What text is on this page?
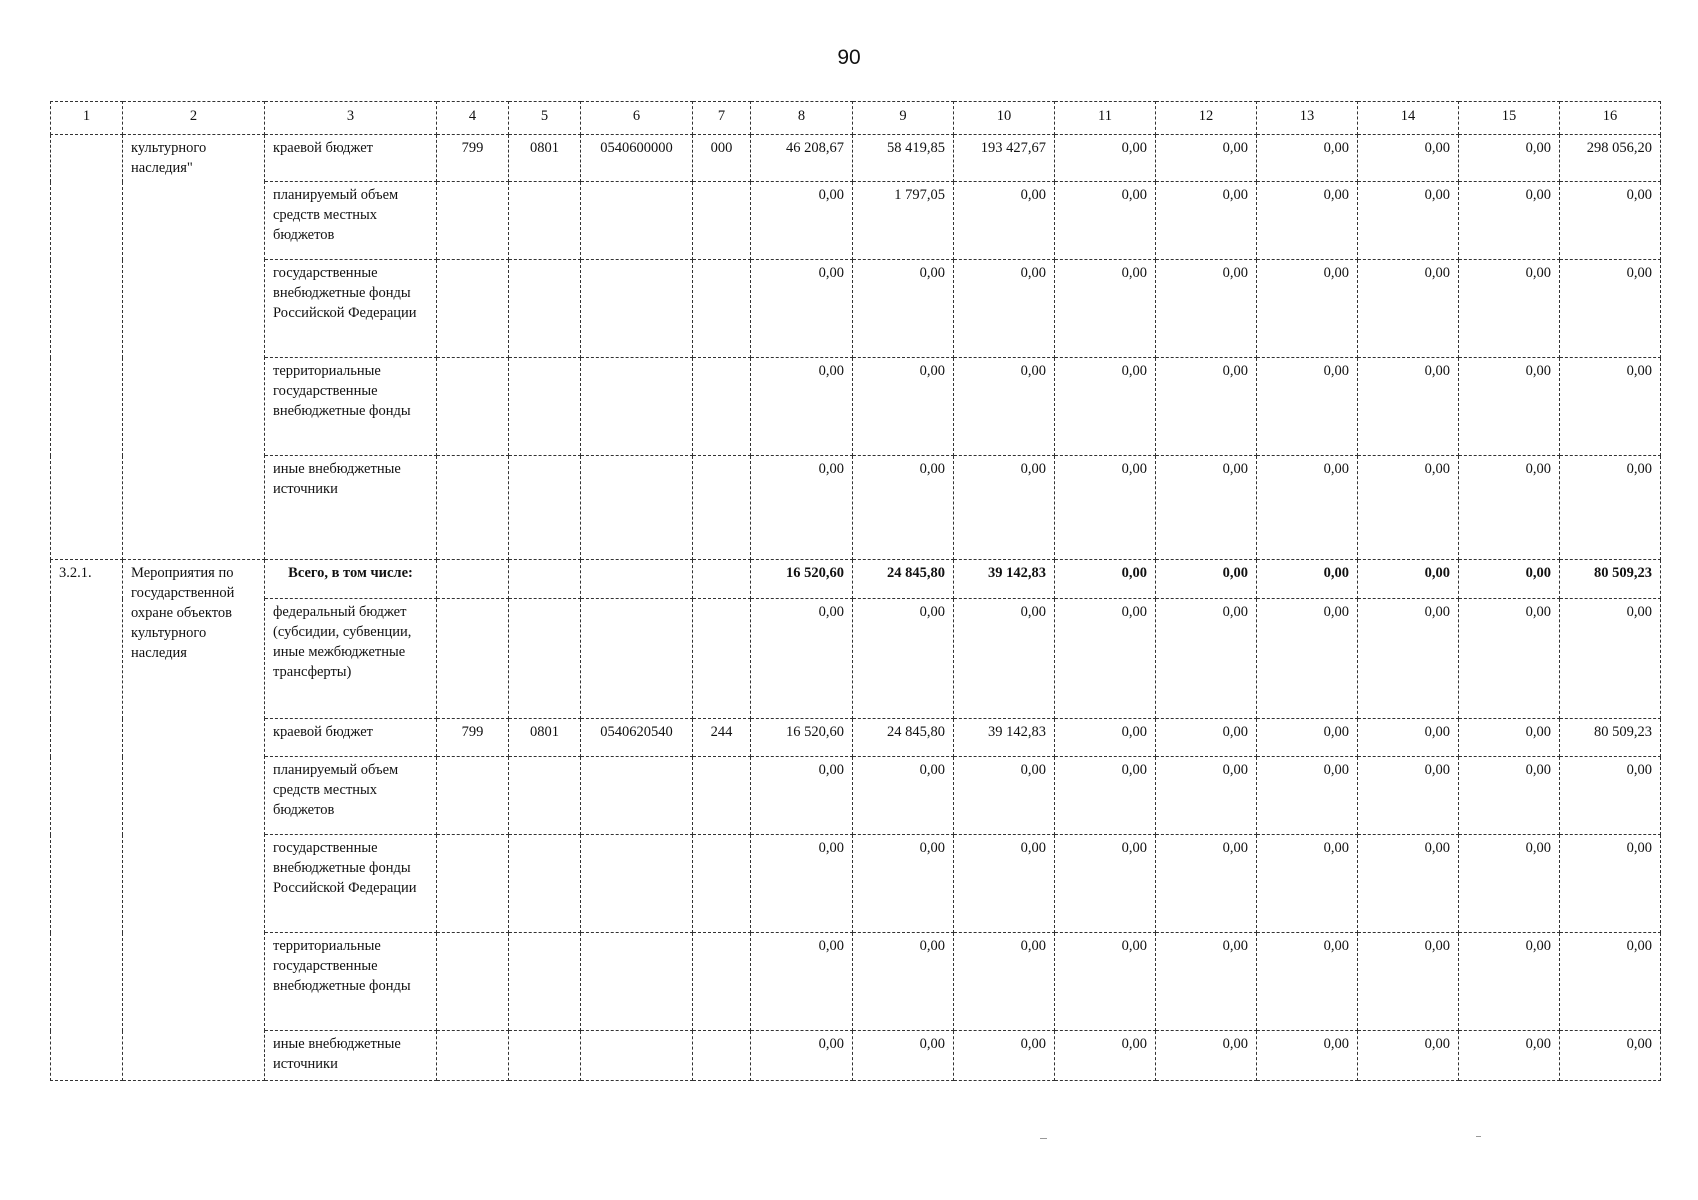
90
1	2	3	4	5	6	7	8	9	10	11	12	13	14	15	16
	культурного наследия"	краевой бюджет	799	0801	0540600000	000	46 208,67	58 419,85	193 427,67	0,00	0,00	0,00	0,00	0,00	298 056,20
		планируемый объем средств местных бюджетов					0,00	1 797,05	0,00	0,00	0,00	0,00	0,00	0,00	0,00
		государственные внебюджетные фонды Российской Федерации					0,00	0,00	0,00	0,00	0,00	0,00	0,00	0,00	0,00
		территориальные государственные внебюджетные фонды					0,00	0,00	0,00	0,00	0,00	0,00	0,00	0,00	0,00
		иные внебюджетные источники					0,00	0,00	0,00	0,00	0,00	0,00	0,00	0,00	0,00
3.2.1.	Мероприятия по государственной охране объектов культурного наследия	Всего, в том числе:					16 520,60	24 845,80	39 142,83	0,00	0,00	0,00	0,00	0,00	80 509,23
		федеральный бюджет (субсидии, субвенции, иные межбюджетные трансферты)					0,00	0,00	0,00	0,00	0,00	0,00	0,00	0,00	0,00
		краевой бюджет	799	0801	0540620540	244	16 520,60	24 845,80	39 142,83	0,00	0,00	0,00	0,00	0,00	80 509,23
		планируемый объем средств местных бюджетов					0,00	0,00	0,00	0,00	0,00	0,00	0,00	0,00	0,00
		государственные внебюджетные фонды Российской Федерации					0,00	0,00	0,00	0,00	0,00	0,00	0,00	0,00	0,00
		территориальные государственные внебюджетные фонды					0,00	0,00	0,00	0,00	0,00	0,00	0,00	0,00	0,00
		иные внебюджетные источники					0,00	0,00	0,00	0,00	0,00	0,00	0,00	0,00	0,00
